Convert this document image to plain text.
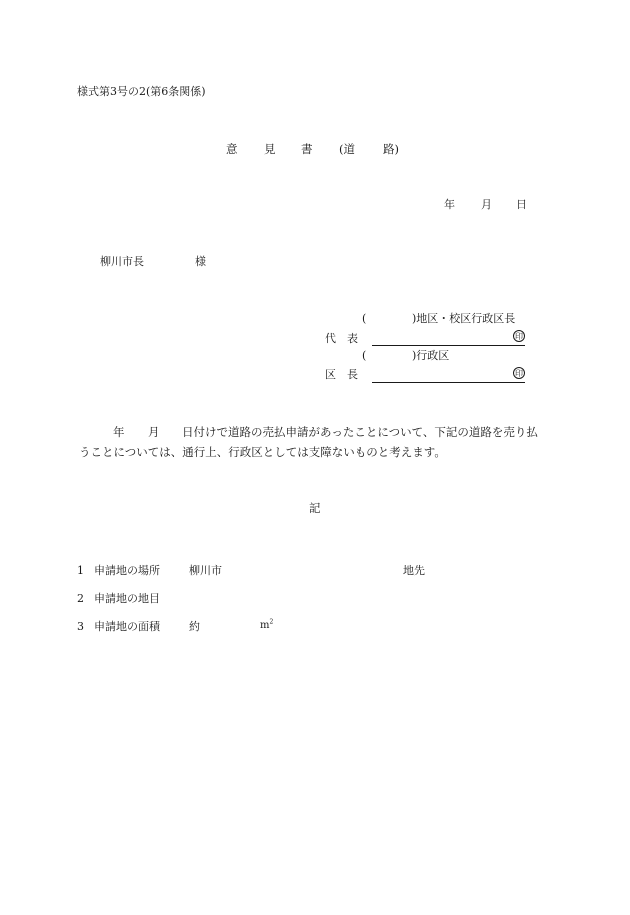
様式第3号の2(第6条関係)
意 見 書 (道 路)
年 月 日
柳川市長	様
(	)地区・校区行政区長
代　表	印
(	)行政区
区　長	印
年 月 日付けで道路の売払申請があったことについて、下記の道路を売り払
うことについては、通行上、行政区としては支障ないものと考えます。
記
1 申請地の場所	柳川市	地先
2 申請地の地目
3 申請地の面積	約	$m^2$
